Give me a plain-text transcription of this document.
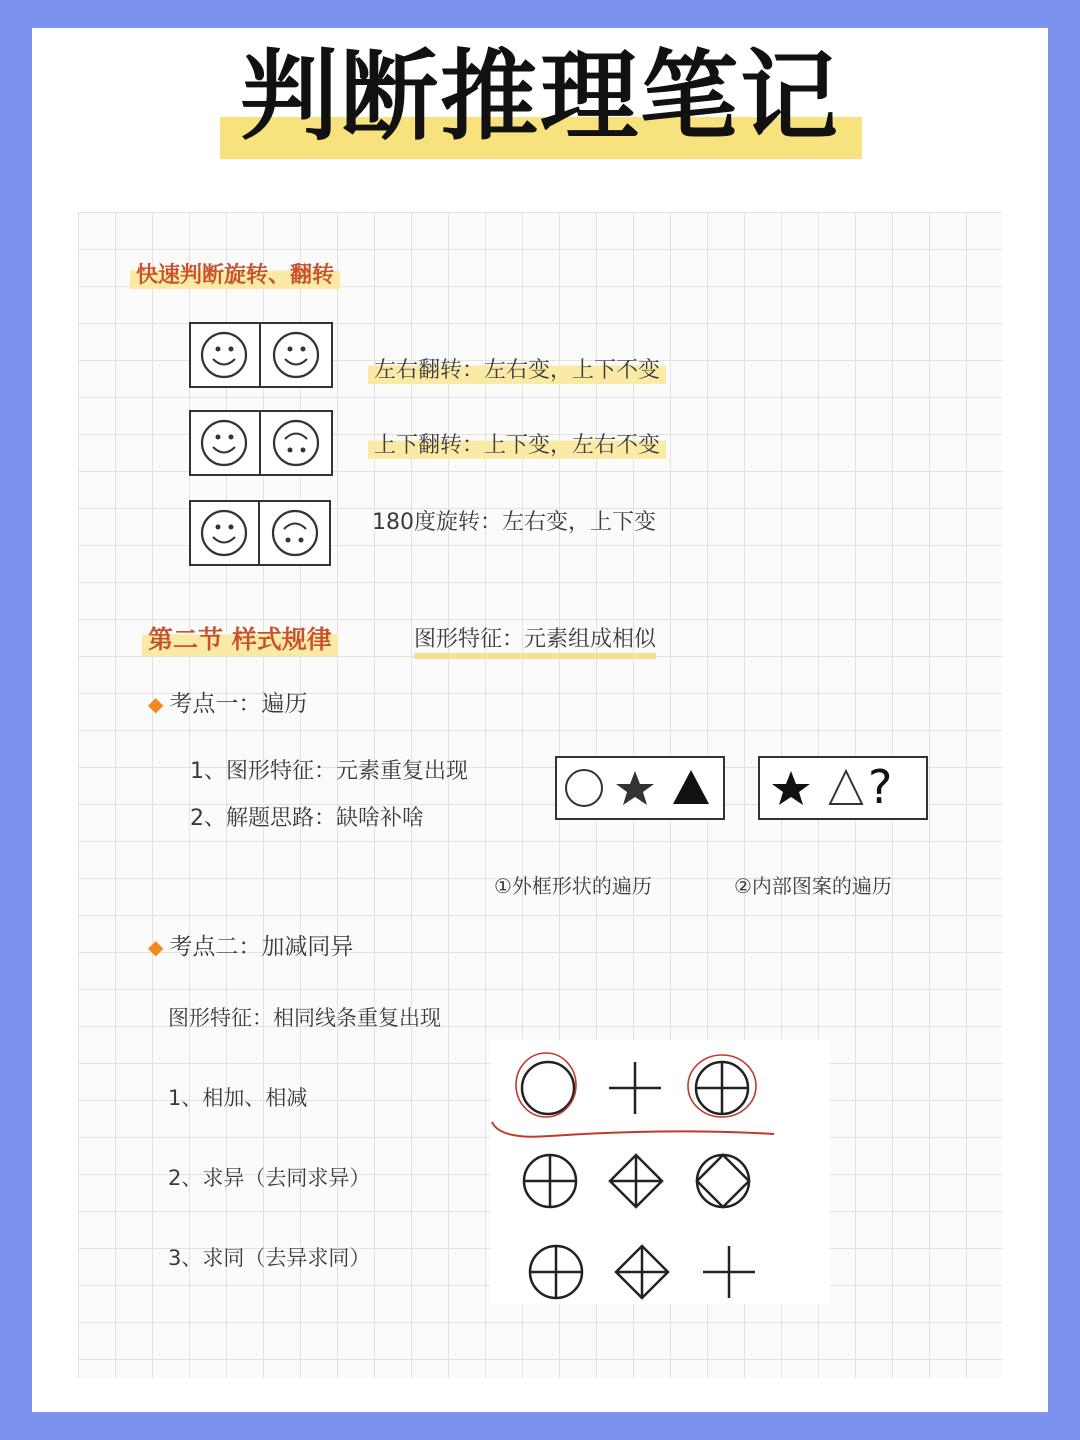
判断推理笔记
快速判断旋转、翻转
左右翻转：左右变，上下不变
上下翻转：上下变，左右不变
180度旋转：左右变，上下变
第二节 样式规律	图形特征：元素组成相似
◆ 考点一：遍历
1、图形特征：元素重复出现
2、解题思路：缺啥补啥
?
①外框形状的遍历	②内部图案的遍历
◆ 考点二：加减同异
图形特征：相同线条重复出现
1、相加、相减
2、求异（去同求异）
3、求同（去异求同）
